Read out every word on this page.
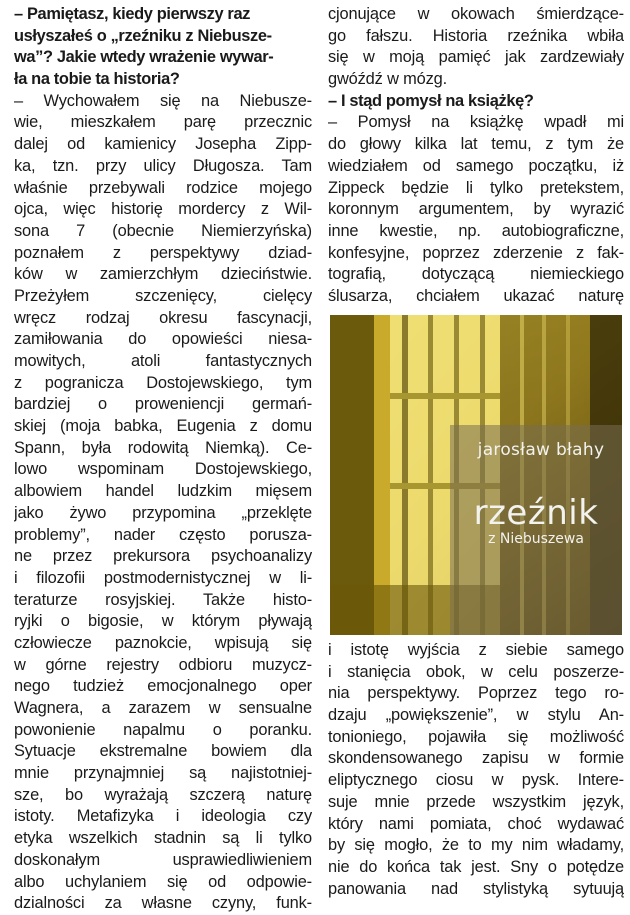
– Pamiętasz, kiedy pierwszy raz
usłyszałeś o „rzeźniku z Niebusze-
wa”? Jakie wtedy wrażenie wywar-
ła na tobie ta historia?
– Wychowałem się na Niebusze-
wie, mieszkałem parę przecznic
dalej od kamienicy Josepha Zipp-
ka, tzn. przy ulicy Długosza. Tam
właśnie przebywali rodzice mojego
ojca, więc historię mordercy z Wil-
sona 7 (obecnie Niemierzyńska)
poznałem z perspektywy dziad-
ków w zamierzchłym dzieciństwie.
Przeżyłem szczenięcy, cielęcy
wręcz rodzaj okresu fascynacji,
zamiłowania do opowieści niesa-
mowitych, atoli fantastycznych
z pogranicza Dostojewskiego, tym
bardziej o proweniencji germań-
skiej (moja babka, Eugenia z domu
Spann, była rodowitą Niemką). Ce-
lowo wspominam Dostojewskiego,
albowiem handel ludzkim mięsem
jako żywo przypomina „przeklęte
problemy”, nader często porusza-
ne przez prekursora psychoanalizy
i filozofii postmodernistycznej w li-
teraturze rosyjskiej. Także histo-
ryjki o bigosie, w którym pływają
człowiecze paznokcie, wpisują się
w górne rejestry odbioru muzycz-
nego tudzież emocjonalnego oper
Wagnera, a zarazem w sensualne
powonienie napalmu o poranku.
Sytuacje ekstremalne bowiem dla
mnie przynajmniej są najistotniej-
sze, bo wyrażają szczerą naturę
istoty. Metafizyka i ideologia czy
etyka wszelkich stadnin są li tylko
doskonałym usprawiedliwieniem
albo uchylaniem się od odpowie-
dzialności za własne czyny, funk-
cjonujące w okowach śmierdzące-
go fałszu. Historia rzeźnika wbiła
się w moją pamięć jak zardzewiały
gwóźdź w mózg.
– I stąd pomysł na książkę?
– Pomysł na książkę wpadł mi
do głowy kilka lat temu, z tym że
wiedziałem od samego początku, iż
Zippeck będzie li tylko pretekstem,
koronnym argumentem, by wyrazić
inne kwestie, np. autobiograficzne,
konfesyjne, poprzez zderzenie z fak-
tografią, dotyczącą niemieckiego
ślusarza, chciałem ukazać naturę
jarosław błahy
rzeźnik
z Niebuszewa
i istotę wyjścia z siebie samego
i stanięcia obok, w celu poszerze-
nia perspektywy. Poprzez tego ro-
dzaju „powiększenie”, w stylu An-
tonioniego, pojawiła się możliwość
skondensowanego zapisu w formie
eliptycznego ciosu w pysk. Intere-
suje mnie przede wszystkim język,
który nami pomiata, choć wydawać
by się mogło, że to my nim władamy,
nie do końca tak jest. Sny o potędze
panowania nad stylistyką sytuują
